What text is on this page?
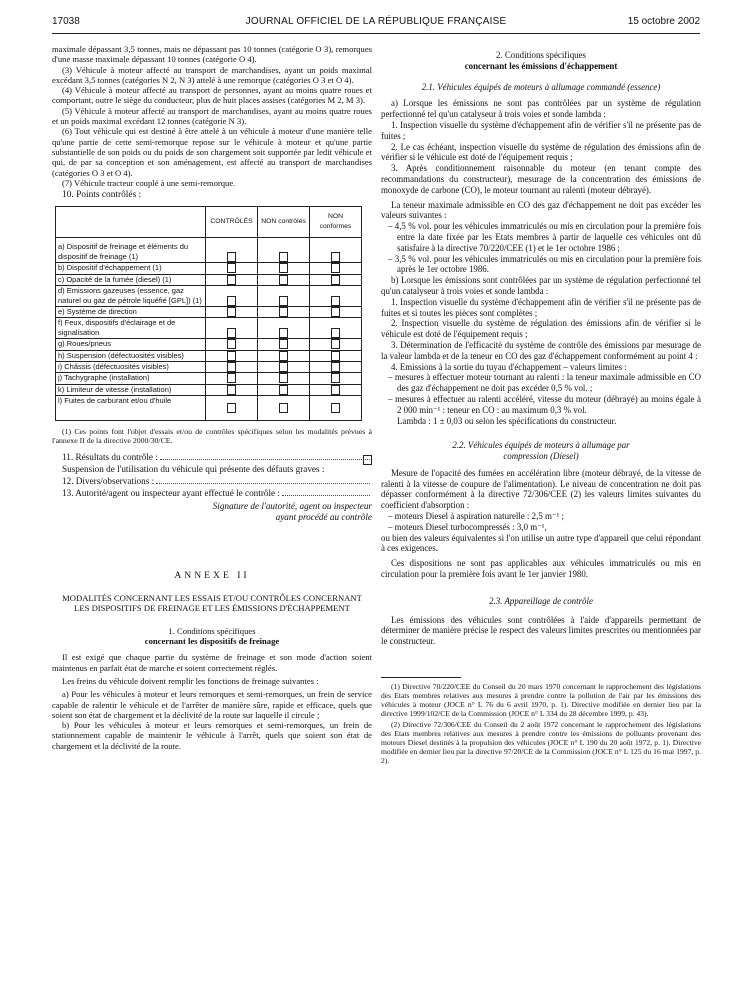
17038	JOURNAL OFFICIEL DE LA RÉPUBLIQUE FRANÇAISE	15 octobre 2002

maximale dépassant 3,5 tonnes, mais ne dépassant pas 10 tonnes (catégorie O 3), remorques d'une masse maximale dépassant 10 tonnes (catégorie O 4).

(3) Véhicule à moteur affecté au transport de marchandises, ayant un poids maximal excédant 3,5 tonnes (catégories N 2, N 3) attelé à une remorque (catégories O 3 et O 4).

(4) Véhicule à moteur affecté au transport de personnes, ayant au moins quatre roues et comportant, outre le siège du conducteur, plus de huit places assises (catégories M 2, M 3).

(5) Véhicule à moteur affecté au transport de marchandises, ayant au moins quatre roues et un poids maximal excédant 12 tonnes (catégorie N 3).

(6) Tout véhicule qui est destiné à être attelé à un véhicule à moteur d'une manière telle qu'une partie de cette semi-remorque repose sur le véhicule à moteur et qu'une partie substantielle de son poids ou du poids de son chargement soit supportée par ledit véhicule et qui, de par sa conception et son aménagement, est affecté au transport de marchandises (catégories O 3 et O 4).

(7) Véhicule tracteur couplé à une semi-remorque.

10. Points contrôlés :

	CONTRÔLÉS	NON contrôlés	NON conformes
a) Dispositif de freinage et éléments du dispositif de freinage (1)			
b) Dispositif d'échappement (1)			
c) Opacité de la fumée (diesel) (1)			
d) Emissions gazeuses (essence, gaz naturel ou gaz de pétrole liquéfié [GPL]) (1)			
e) Système de direction			
f) Feux, dispositifs d'éclairage et de signalisation			
g) Roues/pneus			
h) Suspension (défectuosités visibles)			
i) Châssis (défectuosités visibles)			
j) Tachygraphe (installation)			
k) Limiteur de vitesse (installation)			
l) Fuites de carburant et/ou d'huile			

(1) Ces points font l'objet d'essais et/ou de contrôles spécifiques selon les modalités prévues à l'annexe II de la directive 2000/30/CE.

11. Résultats du contrôle :
Suspension de l'utilisation du véhicule qui présente des défauts graves :
12. Divers/observations :
13. Autorité/agent ou inspecteur ayant effectué le contrôle :

Signature de l'autorité, agent ou inspecteur ayant procédé au contrôle

ANNEXE II

MODALITÉS CONCERNANT LES ESSAIS ET/OU CONTRÔLES CONCERNANT LES DISPOSITIFS DE FREINAGE ET LES ÉMISSIONS D'ÉCHAPPEMENT

1. Conditions spécifiques

concernant les dispositifs de freinage

Il est exigé que chaque partie du système de freinage et son mode d'action soient maintenus en parfait état de marche et soient correctement réglés.

Les freins du véhicule doivent remplir les fonctions de freinage suivantes :

a) Pour les véhicules à moteur et leurs remorques et semi-remorques, un frein de service capable de ralentir le véhicule et de l'arrêter de manière sûre, rapide et efficace, quels que soient son état de chargement et la déclivité de la route sur laquelle il circule ;

b) Pour les véhicules à moteur et leurs remorques et semi-remorques, un frein de stationnement capable de maintenir le véhicule à l'arrêt, quels que soient son état de chargement et la déclivité de la route.

2. Conditions spécifiques

concernant les émissions d'échappement

2.1. Véhicules équipés de moteurs à allumage commandé (essence)

a) Lorsque les émissions ne sont pas contrôlées par un système de régulation perfectionné tel qu'un catalyseur à trois voies et sonde lambda :

1. Inspection visuelle du système d'échappement afin de vérifier s'il ne présente pas de fuites ;

2. Le cas échéant, inspection visuelle du système de régulation des émissions afin de vérifier si le véhicule est doté de l'équipement requis ;

3. Après conditionnement raisonnable du moteur (en tenant compte des recommandations du constructeur), mesurage de la concentration des émissions de monoxyde de carbone (CO), le moteur tournant au ralenti (moteur débrayé).

La teneur maximale admissible en CO des gaz d'échappement ne doit pas excéder les valeurs suivantes :

– 4,5 % vol. pour les véhicules immatriculés ou mis en circulation pour la première fois entre la date fixée par les Etats membres à partir de laquelle ces véhicules ont dû satisfaire à la directive 70/220/CEE (1) et le 1er octobre 1986 ;

– 3,5 % vol. pour les véhicules immatriculés ou mis en circulation pour la première fois après le 1er octobre 1986.

b) Lorsque les émissions sont contrôlées par un système de régulation perfectionné tel qu'un catalyseur à trois voies et sonde lambda :

1. Inspection visuelle du système d'échappement afin de vérifier s'il ne présente pas de fuites et si toutes les pièces sont complètes ;

2. Inspection visuelle du système de régulation des émissions afin de vérifier si le véhicule est doté de l'équipement requis ;

3. Détermination de l'efficacité du système de contrôle des émissions par mesurage de la valeur lambda et de la teneur en CO des gaz d'échappement conformément au point 4 :

4. Emissions à la sortie du tuyau d'échappement – valeurs limites :

– mesures à effectuer moteur tournant au ralenti : la teneur maximale admissible en CO des gaz d'échappement ne doit pas excéder 0,5 % vol. ;

– mesures à effectuer au ralenti accéléré, vitesse du moteur (débrayé) au moins égale à 2 000 min⁻¹ : teneur en CO : au maximum 0,3 % vol.

Lambda : 1 ± 0,03 ou selon les spécifications du constructeur.

2.2. Véhicules équipés de moteurs à allumage par compression (Diesel)

Mesure de l'opacité des fumées en accélération libre (moteur débrayé, de la vitesse de ralenti à la vitesse de coupure de l'alimentation). Le niveau de concentration ne doit pas dépasser conformément à la directive 72/306/CEE (2) les valeurs limites suivantes du coefficient d'absorption :

– moteurs Diesel à aspiration naturelle : 2,5 m⁻¹ ;

– moteurs Diesel turbocompressés : 3,0 m⁻¹,

ou bien des valeurs équivalentes si l'on utilise un autre type d'appareil que celui répondant à ces exigences.

Ces dispositions ne sont pas applicables aux véhicules immatriculés ou mis en circulation pour la première fois avant le 1er janvier 1980.

2.3. Appareillage de contrôle

Les émissions des véhicules sont contrôlées à l'aide d'appareils permettant de déterminer de manière précise le respect des valeurs limites prescrites ou mentionnées par le constructeur.

(1) Directive 70/220/CEE du Conseil du 20 mars 1970 concernant le rapprochement des législations des Etats membres relatives aux mesures à prendre contre la pollution de l'air par les émissions des véhicules à moteur (JOCE n° L 76 du 6 avril 1970, p. 1). Directive modifiée en dernier lieu par la directive 1999/102/CE de la Commission (JOCE n° L 334 du 28 décembre 1999, p. 43).

(2) Directive 72/306/CEE du Conseil du 2 août 1972 concernant le rapprochement des législations des Etats membres relatives aux mesures à prendre contre les émissions de polluants provenant des moteurs Diesel destinés à la propulsion des véhicules (JOCE n° L 190 du 20 août 1972, p. 1). Directive modifiée en dernier lieu par la directive 97/20/CE de la Commission (JOCE n° L 125 du 16 mai 1997, p. 2).
